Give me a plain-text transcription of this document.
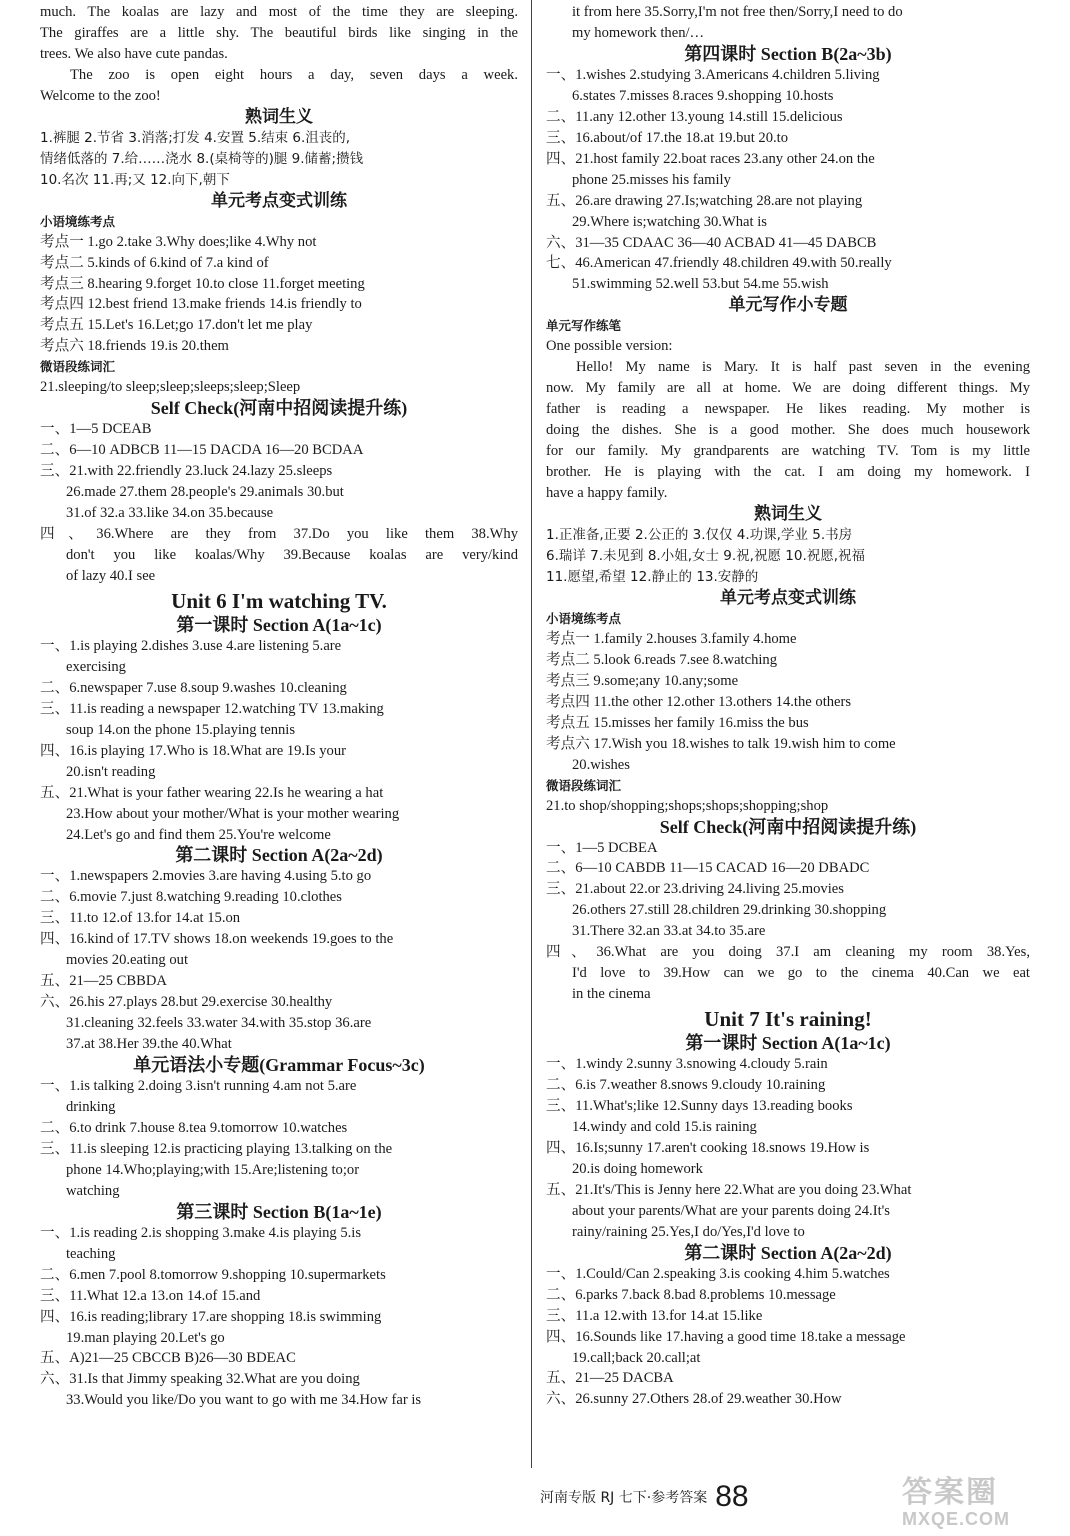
much. The koalas are lazy and most of the time they are sleeping.
The giraffes are a little shy. The beautiful birds like singing in the
trees. We also have cute pandas.
The zoo is open eight hours a day, seven days a week.
Welcome to the zoo!
熟词生义
1.裤腿 2.节省 3.消落;打发 4.安置 5.结束 6.沮丧的,
情绪低落的 7.给……浇水 8.(桌椅等的)腿 9.储蓄;攒钱
10.名次 11.再;又 12.向下,朝下
单元考点变式训练
小语境练考点
考点一 1.go 2.take 3.Why does;like 4.Why not
考点二 5.kinds of 6.kind of 7.a kind of
考点三 8.hearing 9.forget 10.to close 11.forget meeting
考点四 12.best friend 13.make friends 14.is friendly to
考点五 15.Let's 16.Let;go 17.don't let me play
考点六 18.friends 19.is 20.them
微语段练词汇
21.sleeping/to sleep;sleep;sleeps;sleep;Sleep
Self Check(河南中招阅读提升练)
一、1—5 DCEAB
二、6—10 ADBCB 11—15 DACDA 16—20 BCDAA
三、21.with 22.friendly 23.luck 24.lazy 25.sleeps
26.made 27.them 28.people's 29.animals 30.but
31.of 32.a 33.like 34.on 35.because
四、36.Where are they from 37.Do you like them 38.Why
don't you like koalas/Why 39.Because koalas are very/kind
of lazy 40.I see
Unit 6 I'm watching TV.
第一课时 Section A(1a~1c)
一、1.is playing 2.dishes 3.use 4.are listening 5.are
exercising
二、6.newspaper 7.use 8.soup 9.washes 10.cleaning
三、11.is reading a newspaper 12.watching TV 13.making
soup 14.on the phone 15.playing tennis
四、16.is playing 17.Who is 18.What are 19.Is your
20.isn't reading
五、21.What is your father wearing 22.Is he wearing a hat
23.How about your mother/What is your mother wearing
24.Let's go and find them 25.You're welcome
第二课时 Section A(2a~2d)
一、1.newspapers 2.movies 3.are having 4.using 5.to go
二、6.movie 7.just 8.watching 9.reading 10.clothes
三、11.to 12.of 13.for 14.at 15.on
四、16.kind of 17.TV shows 18.on weekends 19.goes to the
movies 20.eating out
五、21—25 CBBDA
六、26.his 27.plays 28.but 29.exercise 30.healthy
31.cleaning 32.feels 33.water 34.with 35.stop 36.are
37.at 38.Her 39.the 40.What
单元语法小专题(Grammar Focus~3c)
一、1.is talking 2.doing 3.isn't running 4.am not 5.are
drinking
二、6.to drink 7.house 8.tea 9.tomorrow 10.watches
三、11.is sleeping 12.is practicing playing 13.talking on the
phone 14.Who;playing;with 15.Are;listening to;or
watching
第三课时 Section B(1a~1e)
一、1.is reading 2.is shopping 3.make 4.is playing 5.is
teaching
二、6.men 7.pool 8.tomorrow 9.shopping 10.supermarkets
三、11.What 12.a 13.on 14.of 15.and
四、16.is reading;library 17.are shopping 18.is swimming
19.man playing 20.Let's go
五、A)21—25 CBCCB B)26—30 BDEAC
六、31.Is that Jimmy speaking 32.What are you doing
33.Would you like/Do you want to go with me 34.How far is
it from here 35.Sorry,I'm not free then/Sorry,I need to do
my homework then/…
第四课时 Section B(2a~3b)
一、1.wishes 2.studying 3.Americans 4.children 5.living
6.states 7.misses 8.races 9.shopping 10.hosts
二、11.any 12.other 13.young 14.still 15.delicious
三、16.about/of 17.the 18.at 19.but 20.to
四、21.host family 22.boat races 23.any other 24.on the
phone 25.misses his family
五、26.are drawing 27.Is;watching 28.are not playing
29.Where is;watching 30.What is
六、31—35 CDAAC 36—40 ACBAD 41—45 DABCB
七、46.American 47.friendly 48.children 49.with 50.really
51.swimming 52.well 53.but 54.me 55.wish
单元写作小专题
单元写作练笔
One possible version:
Hello! My name is Mary. It is half past seven in the evening
now. My family are all at home. We are doing different things. My
father is reading a newspaper. He likes reading. My mother is
doing the dishes. She is a good mother. She does much housework
for our family. My grandparents are watching TV. Tom is my little
brother. He is playing with the cat. I am doing my homework. I
have a happy family.
熟词生义
1.正准备,正要 2.公正的 3.仅仅 4.功课,学业 5.书房
6.瑞详 7.未见到 8.小姐,女士 9.祝,祝愿 10.祝愿,祝福
11.愿望,希望 12.静止的 13.安静的
单元考点变式训练
小语境练考点
考点一 1.family 2.houses 3.family 4.home
考点二 5.look 6.reads 7.see 8.watching
考点三 9.some;any 10.any;some
考点四 11.the other 12.other 13.others 14.the others
考点五 15.misses her family 16.miss the bus
考点六 17.Wish you 18.wishes to talk 19.wish him to come
20.wishes
微语段练词汇
21.to shop/shopping;shops;shops;shopping;shop
Self Check(河南中招阅读提升练)
一、1—5 DCBEA
二、6—10 CABDB 11—15 CACAD 16—20 DBADC
三、21.about 22.or 23.driving 24.living 25.movies
26.others 27.still 28.children 29.drinking 30.shopping
31.There 32.an 33.at 34.to 35.are
四、36.What are you doing 37.I am cleaning my room 38.Yes,
I'd love to 39.How can we go to the cinema 40.Can we eat
in the cinema
Unit 7 It's raining!
第一课时 Section A(1a~1c)
一、1.windy 2.sunny 3.snowing 4.cloudy 5.rain
二、6.is 7.weather 8.snows 9.cloudy 10.raining
三、11.What's;like 12.Sunny days 13.reading books
14.windy and cold 15.is raining
四、16.Is;sunny 17.aren't cooking 18.snows 19.How is
20.is doing homework
五、21.It's/This is Jenny here 22.What are you doing 23.What
about your parents/What are your parents doing 24.It's
rainy/raining 25.Yes,I do/Yes,I'd love to
第二课时 Section A(2a~2d)
一、1.Could/Can 2.speaking 3.is cooking 4.him 5.watches
二、6.parks 7.back 8.bad 8.problems 10.message
三、11.a 12.with 13.for 14.at 15.like
四、16.Sounds like 17.having a good time 18.take a message
19.call;back 20.call;at
五、21—25 DACBA
六、26.sunny 27.Others 28.of 29.weather 30.How
河南专版 RJ 七下·参考答案 88	答案圈
MXQE.COM
